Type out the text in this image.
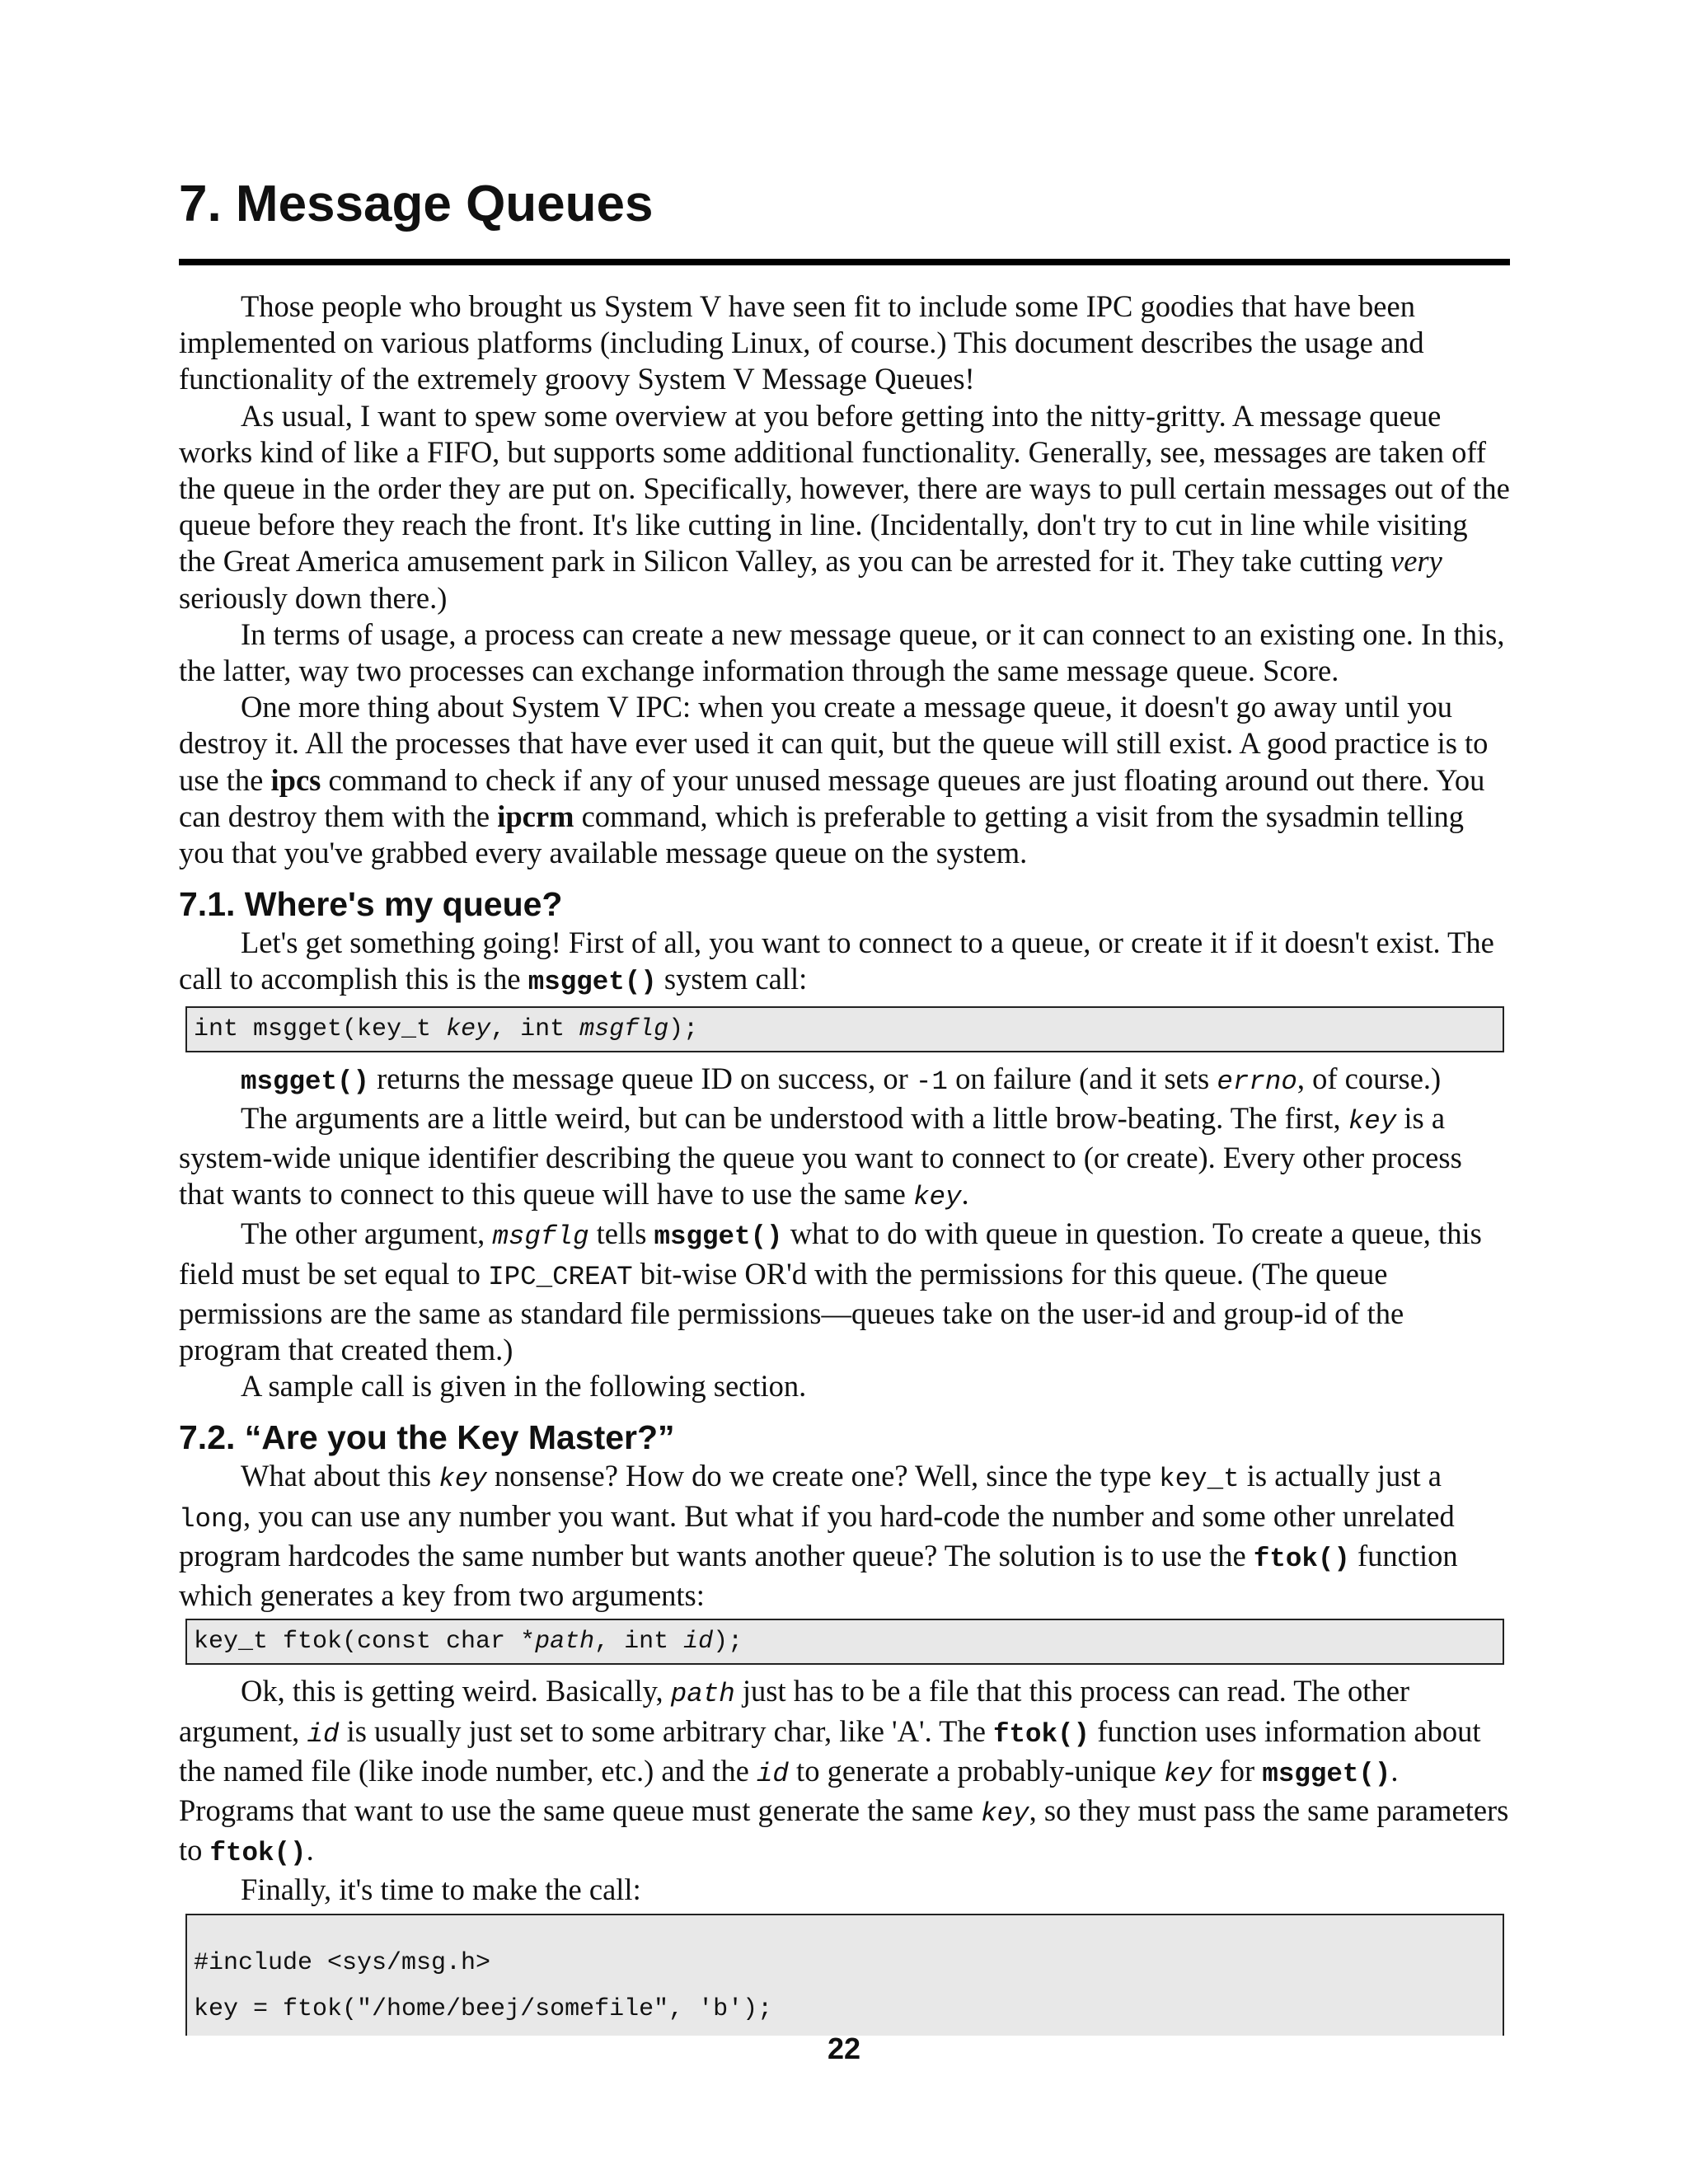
7. Message Queues

Those people who brought us System V have seen fit to include some IPC goodies that have been implemented on various platforms (including Linux, of course.) This document describes the usage and functionality of the extremely groovy System V Message Queues!

As usual, I want to spew some overview at you before getting into the nitty-gritty. A message queue works kind of like a FIFO, but supports some additional functionality. Generally, see, messages are taken off the queue in the order they are put on. Specifically, however, there are ways to pull certain messages out of the queue before they reach the front. It's like cutting in line. (Incidentally, don't try to cut in line while visiting the Great America amusement park in Silicon Valley, as you can be arrested for it. They take cutting very seriously down there.)

In terms of usage, a process can create a new message queue, or it can connect to an existing one. In this, the latter, way two processes can exchange information through the same message queue. Score.

One more thing about System V IPC: when you create a message queue, it doesn't go away until you destroy it. All the processes that have ever used it can quit, but the queue will still exist. A good practice is to use the ipcs command to check if any of your unused message queues are just floating around out there. You can destroy them with the ipcrm command, which is preferable to getting a visit from the sysadmin telling you that you've grabbed every available message queue on the system.

7.1. Where's my queue?

Let's get something going! First of all, you want to connect to a queue, or create it if it doesn't exist. The call to accomplish this is the msgget() system call:

int msgget(key_t key, int msgflg);

msgget() returns the message queue ID on success, or -1 on failure (and it sets errno, of course.)

The arguments are a little weird, but can be understood with a little brow-beating. The first, key is a system-wide unique identifier describing the queue you want to connect to (or create). Every other process that wants to connect to this queue will have to use the same key.

The other argument, msgflg tells msgget() what to do with queue in question. To create a queue, this field must be set equal to IPC_CREAT bit-wise OR'd with the permissions for this queue. (The queue permissions are the same as standard file permissions—queues take on the user-id and group-id of the program that created them.)

A sample call is given in the following section.

7.2. “Are you the Key Master?”

What about this key nonsense? How do we create one? Well, since the type key_t is actually just a long, you can use any number you want. But what if you hard-code the number and some other unrelated program hardcodes the same number but wants another queue? The solution is to use the ftok() function which generates a key from two arguments:

key_t ftok(const char *path, int id);

Ok, this is getting weird. Basically, path just has to be a file that this process can read. The other argument, id is usually just set to some arbitrary char, like 'A'. The ftok() function uses information about the named file (like inode number, etc.) and the id to generate a probably-unique key for msgget(). Programs that want to use the same queue must generate the same key, so they must pass the same parameters to ftok().

Finally, it's time to make the call:

#include <sys/msg.h>
key = ftok("/home/beej/somefile", 'b');
22
